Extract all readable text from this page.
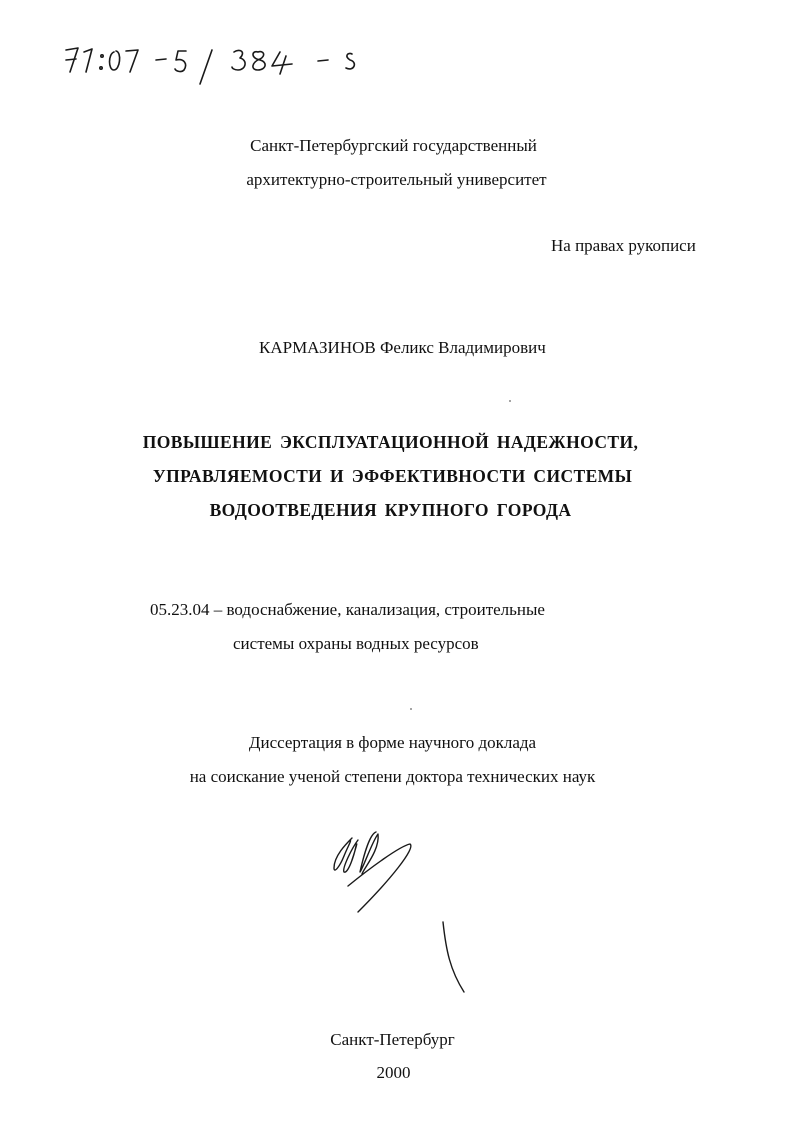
Санкт-Петербургский государственный
архитектурно-строительный университет
На правах рукописи
КАРМАЗИНОВ Феликс Владимирович
ПОВЫШЕНИЕ ЭКСПЛУАТАЦИОННОЙ НАДЕЖНОСТИ,
УПРАВЛЯЕМОСТИ И ЭФФЕКТИВНОСТИ СИСТЕМЫ
ВОДООТВЕДЕНИЯ КРУПНОГО ГОРОДА
05.23.04 – водоснабжение, канализация, строительные
системы охраны водных ресурсов
Диссертация в форме научного доклада
на соискание ученой степени доктора технических наук
Санкт-Петербург
2000
